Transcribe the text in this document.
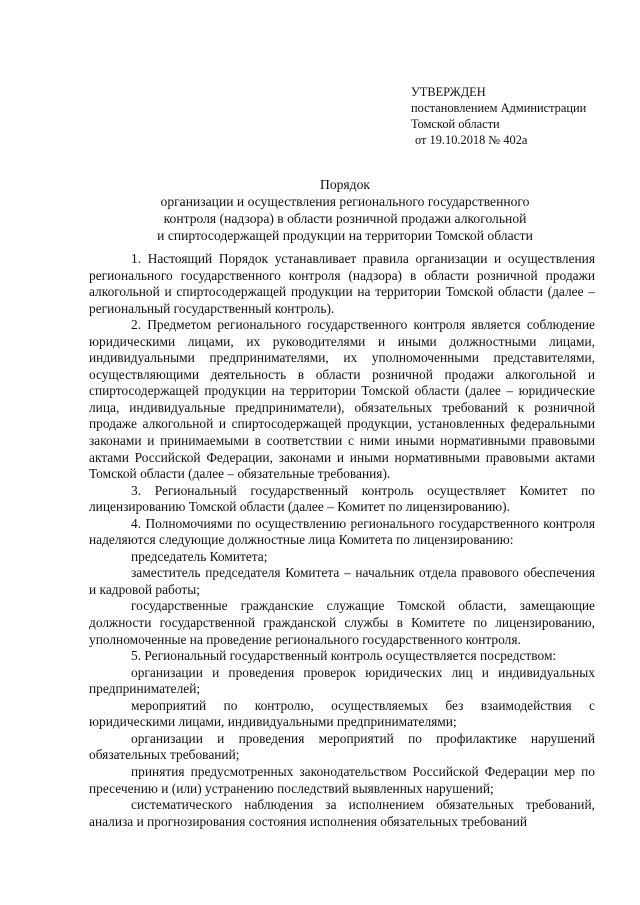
УТВЕРЖДЕН
постановлением Администрации
Томской области
от 19.10.2018 № 402а
Порядок
организации и осуществления регионального государственного
контроля (надзора) в области розничной продажи алкогольной
и спиртосодержащей продукции на территории Томской области

1. Настоящий Порядок устанавливает правила организации и осуществления регионального государственного контроля (надзора) в области розничной продажи алкогольной и спиртосодержащей продукции на территории Томской области (далее – региональный государственный контроль).

2. Предметом регионального государственного контроля является соблюдение юридическими лицами, их руководителями и иными должностными лицами, индивидуальными предпринимателями, их уполномоченными представителями, осуществляющими деятельность в области розничной продажи алкогольной и спиртосодержащей продукции на территории Томской области (далее – юридические лица, индивидуальные предприниматели), обязательных требований к розничной продаже алкогольной и спиртосодержащей продукции, установленных федеральными законами и принимаемыми в соответствии с ними иными нормативными правовыми актами Российской Федерации, законами и иными нормативными правовыми актами Томской области (далее – обязательные требования).

3. Региональный государственный контроль осуществляет Комитет по лицензированию Томской области (далее – Комитет по лицензированию).

4. Полномочиями по осуществлению регионального государственного контроля наделяются следующие должностные лица Комитета по лицензированию:

председатель Комитета;

заместитель председателя Комитета – начальник отдела правового обеспечения и кадровой работы;

государственные гражданские служащие Томской области, замещающие должности государственной гражданской службы в Комитете по лицензированию, уполномоченные на проведение регионального государственного контроля.

5. Региональный государственный контроль осуществляется посредством:

организации и проведения проверок юридических лиц и индивидуальных предпринимателей;

мероприятий по контролю, осуществляемых без взаимодействия с юридическими лицами, индивидуальными предпринимателями;

организации и проведения мероприятий по профилактике нарушений обязательных требований;

принятия предусмотренных законодательством Российской Федерации мер по пресечению и (или) устранению последствий выявленных нарушений;

систематического наблюдения за исполнением обязательных требований, анализа и прогнозирования состояния исполнения обязательных требований
